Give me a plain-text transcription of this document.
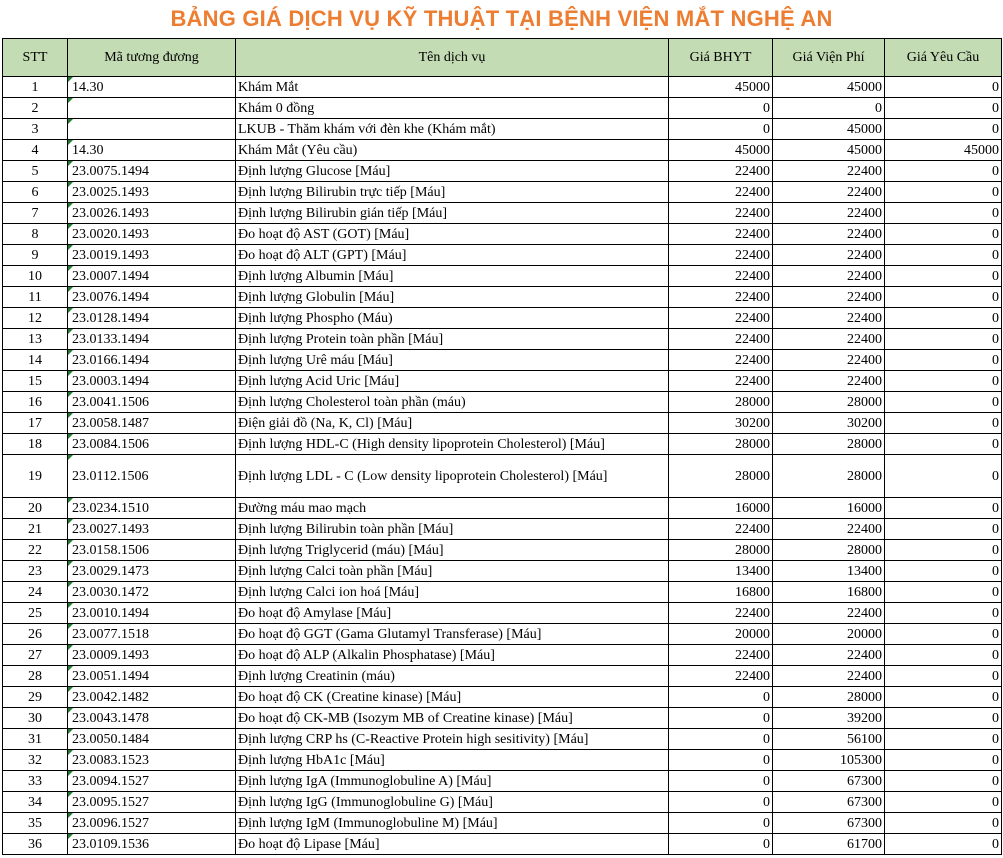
BẢNG GIÁ DỊCH VỤ KỸ THUẬT TẠI BỆNH VIỆN MẮT NGHỆ AN
STT	Mã tương đương	Tên dịch vụ	Giá BHYT	Giá Viện Phí	Giá Yêu Cầu
1	14.30	Khám Mắt	45000	45000	0
2		Khám 0 đồng	0	0	0
3		LKUB - Thăm khám với đèn khe (Khám mắt)	0	45000	0
4	14.30	Khám Mắt (Yêu cầu)	45000	45000	45000
5	23.0075.1494	Định lượng Glucose [Máu]	22400	22400	0
6	23.0025.1493	Định lượng Bilirubin trực tiếp [Máu]	22400	22400	0
7	23.0026.1493	Định lượng Bilirubin gián tiếp [Máu]	22400	22400	0
8	23.0020.1493	Đo hoạt độ AST (GOT) [Máu]	22400	22400	0
9	23.0019.1493	Đo hoạt độ ALT (GPT) [Máu]	22400	22400	0
10	23.0007.1494	Định lượng Albumin [Máu]	22400	22400	0
11	23.0076.1494	Định lượng Globulin [Máu]	22400	22400	0
12	23.0128.1494	Định lượng Phospho (Máu)	22400	22400	0
13	23.0133.1494	Định lượng Protein toàn phần [Máu]	22400	22400	0
14	23.0166.1494	Định lượng Urê máu [Máu]	22400	22400	0
15	23.0003.1494	Định lượng Acid Uric [Máu]	22400	22400	0
16	23.0041.1506	Định lượng Cholesterol toàn phần (máu)	28000	28000	0
17	23.0058.1487	Điện giải đồ (Na, K, Cl) [Máu]	30200	30200	0
18	23.0084.1506	Định lượng HDL-C (High density lipoprotein Cholesterol) [Máu]	28000	28000	0
19	23.0112.1506	Định lượng LDL - C (Low density lipoprotein Cholesterol) [Máu]	28000	28000	0
20	23.0234.1510	Đường máu mao mạch	16000	16000	0
21	23.0027.1493	Định lượng Bilirubin toàn phần [Máu]	22400	22400	0
22	23.0158.1506	Định lượng Triglycerid (máu) [Máu]	28000	28000	0
23	23.0029.1473	Định lượng Calci toàn phần [Máu]	13400	13400	0
24	23.0030.1472	Định lượng Calci ion hoá [Máu]	16800	16800	0
25	23.0010.1494	Đo hoạt độ Amylase [Máu]	22400	22400	0
26	23.0077.1518	Đo hoạt độ GGT (Gama Glutamyl Transferase) [Máu]	20000	20000	0
27	23.0009.1493	Đo hoạt độ ALP (Alkalin Phosphatase) [Máu]	22400	22400	0
28	23.0051.1494	Định lượng Creatinin (máu)	22400	22400	0
29	23.0042.1482	Đo hoạt độ CK (Creatine kinase) [Máu]	0	28000	0
30	23.0043.1478	Đo hoạt độ CK-MB (Isozym MB of Creatine kinase) [Máu]	0	39200	0
31	23.0050.1484	Định lượng CRP hs (C-Reactive Protein high sesitivity) [Máu]	0	56100	0
32	23.0083.1523	Định lượng HbA1c [Máu]	0	105300	0
33	23.0094.1527	Định lượng IgA (Immunoglobuline A) [Máu]	0	67300	0
34	23.0095.1527	Định lượng IgG (Immunoglobuline G) [Máu]	0	67300	0
35	23.0096.1527	Định lượng IgM (Immunoglobuline M) [Máu]	0	67300	0
36	23.0109.1536	Đo hoạt độ Lipase [Máu]	0	61700	0
